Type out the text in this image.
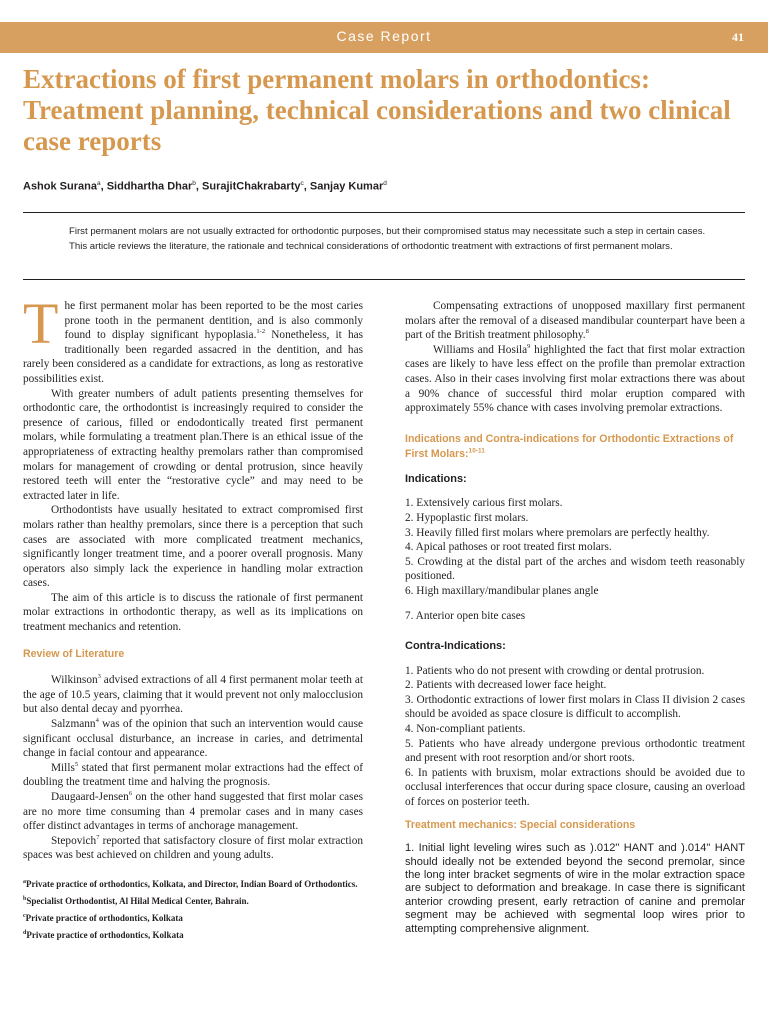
Case Report	41
Extractions of first permanent molars in orthodontics: Treatment planning, technical considerations and two clinical case reports

Ashok Surana$^a$, Siddhartha Dhar$^b$, SurajitChakrabarty$^c$, Sanjay Kumar$^d$

First permanent molars are not usually extracted for orthodontic purposes, but their compromised status may necessitate such a step in certain cases. This article reviews the literature, the rationale and technical considerations of orthodontic treatment with extractions of first permanent molars.

The first permanent molar has been reported to be the most caries prone tooth in the permanent dentition, and is also commonly found to display significant hypoplasia.$^{1-2}$ Nonetheless, it has traditionally been regarded assacred in the dentition, and has rarely been considered as a candidate for extractions, as long as restorative possibilities exist.

With greater numbers of adult patients presenting themselves for orthodontic care, the orthodontist is increasingly required to consider the presence of carious, filled or endodontically treated first permanent molars, while formulating a treatment plan.There is an ethical issue of the appropriateness of extracting healthy premolars rather than compromised molars for management of crowding or dental protrusion, since heavily restored teeth will enter the “restorative cycle” and may need to be extracted later in life.

Orthodontists have usually hesitated to extract compromised first molars rather than healthy premolars, since there is a perception that such cases are associated with more complicated treatment mechanics, significantly longer treatment time, and a poorer overall prognosis. Many operators also simply lack the experience in handling molar extraction cases.

The aim of this article is to discuss the rationale of first permanent molar extractions in orthodontic therapy, as well as its implications on treatment mechanics and retention.

Review of Literature

Wilkinson$^3$ advised extractions of all 4 first permanent molar teeth at the age of 10.5 years, claiming that it would prevent not only malocclusion but also dental decay and pyorrhea.

Salzmann$^4$ was of the opinion that such an intervention would cause significant occlusal disturbance, an increase in caries, and detrimental change in facial contour and appearance.

Mills$^5$ stated that first permanent molar extractions had the effect of doubling the treatment time and halving the prognosis.

Daugaard-Jensen$^6$ on the other hand suggested that first molar cases are no more time consuming than 4 premolar cases and in many cases offer distinct advantages in terms of anchorage management.

Stepovich$^7$ reported that satisfactory closure of first molar extraction spaces was best achieved on children and young adults.

$^a$Private practice of orthodontics, Kolkata, and Director, Indian Board of Orthodontics.

$^b$Specialist Orthodontist, Al Hilal Medical Center, Bahrain.

$^c$Private practice of orthodontics, Kolkata

$^d$Private practice of orthodontics, Kolkata

Compensating extractions of unopposed maxillary first permanent molars after the removal of a diseased mandibular counterpart have been a part of the British treatment philosophy.$^8$

Williams and Hosila$^9$ highlighted the fact that first molar extraction cases are likely to have less effect on the profile than premolar extraction cases. Also in their cases involving first molar extractions there was about a 90% chance of successful third molar eruption compared with approximately 55% chance with cases involving premolar extractions.

Indications and Contra-indications for Orthodontic Extractions of First Molars:$^{10-11}$

Indications:

1. Extensively carious first molars.

2. Hypoplastic first molars.

3. Heavily filled first molars where premolars are perfectly healthy.

4. Apical pathoses or root treated first molars.

5. Crowding at the distal part of the arches and wisdom teeth reasonably positioned.

6. High maxillary/mandibular planes angle

7. Anterior open bite cases

Contra-Indications:

1. Patients who do not present with crowding or dental protrusion.

2. Patients with decreased lower face height.

3. Orthodontic extractions of lower first molars in Class II division 2 cases should be avoided as space closure is difficult to accomplish.

4. Non-compliant patients.

5. Patients who have already undergone previous orthodontic treatment and present with root resorption and/or short roots.

6. In patients with bruxism, molar extractions should be avoided due to occlusal interferences that occur during space closure, causing an overload of forces on posterior teeth.

Treatment mechanics: Special considerations

1. Initial light leveling wires such as ).012" HANT and ).014" HANT should ideally not be extended beyond the second premolar, since the long inter bracket segments of wire in the molar extraction space are subject to deformation and breakage. In case there is significant anterior crowding present, early retraction of canine and premolar segment may be achieved with segmental loop wires prior to attempting comprehensive alignment.
